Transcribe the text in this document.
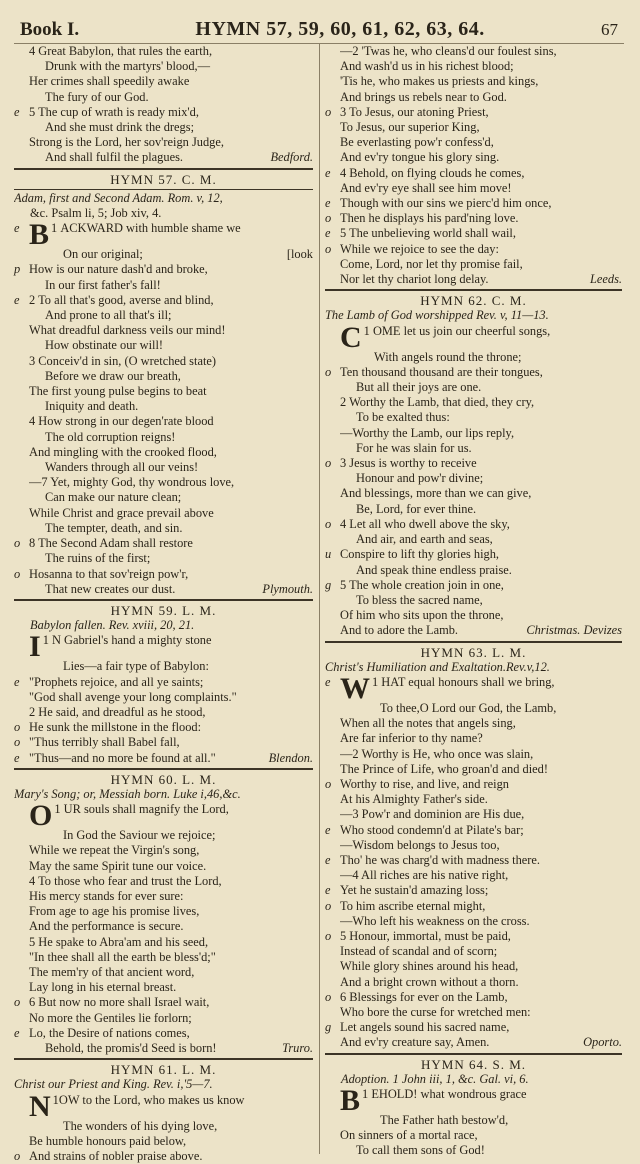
Book I.	HYMN 57, 59, 60, 61, 62, 63, 64.	67
4 Great Babylon, that rules the earth,
Drunk with the martyrs' blood,—
Her crimes shall speedily awake
The fury of our God.
e 5 The cup of wrath is ready mix'd,
And she must drink the dregs;
Strong is the Lord, her sov'reign Judge,
And shall fulfil the plagues.	Bedford.
HYMN 57. C. M.
Adam, first and Second Adam. Rom. v, 12,
&c. Psalm li, 5; Job xiv, 4.
e	1
B ACKWARD with humble shame we
On our original;	[look
p How is our nature dash'd and broke,
In our first father's fall!
e 2 To all that's good, averse and blind,
And prone to all that's ill;
What dreadful darkness veils our mind!
How obstinate our will!
3 Conceiv'd in sin, (O wretched state)
Before we draw our breath,
The first young pulse begins to beat
Iniquity and death.
4 How strong in our degen'rate blood
The old corruption reigns!
And mingling with the crooked flood,
Wanders through all our veins!
—7 Yet, mighty God, thy wondrous love,
Can make our nature clean;
While Christ and grace prevail above
The tempter, death, and sin.
o 8 The Second Adam shall restore
The ruins of the first;
o Hosanna to that sov'reign pow'r,
That new creates our dust.	Plymouth.
HYMN 59. L. M.
Babylon fallen. Rev. xviii, 20, 21.
1
I N Gabriel's hand a mighty stone
Lies—a fair type of Babylon:
e "Prophets rejoice, and all ye saints;
"God shall avenge your long complaints."
2 He said, and dreadful as he stood,
o He sunk the millstone in the flood:
o "Thus terribly shall Babel fall,
e "Thus—and no more be found at all."	Blendon.
HYMN 60. L. M.
Mary's Song; or, Messiah born. Luke i,46,&c.
1
O UR souls shall magnify the Lord,
In God the Saviour we rejoice;
While we repeat the Virgin's song,
May the same Spirit tune our voice.
4 To those who fear and trust the Lord,
His mercy stands for ever sure:
From age to age his promise lives,
And the performance is secure.
5 He spake to Abra'am and his seed,
"In thee shall all the earth be bless'd;"
The mem'ry of that ancient word,
Lay long in his eternal breast.
o 6 But now no more shall Israel wait,
No more the Gentiles lie forlorn;
e Lo, the Desire of nations comes,
Behold, the promis'd Seed is born!	Truro.
HYMN 61. L. M.
Christ our Priest and King. Rev. i,'5—7.
1
N OW to the Lord, who makes us know
The wonders of his dying love,
Be humble honours paid below,
o And strains of nobler praise above.
—2 'Twas he, who cleans'd our foulest sins,
And wash'd us in his richest blood;
'Tis he, who makes us priests and kings,
And brings us rebels near to God.
o 3 To Jesus, our atoning Priest,
To Jesus, our superior King,
Be everlasting pow'r confess'd,
And ev'ry tongue his glory sing.
e 4 Behold, on flying clouds he comes,
And ev'ry eye shall see him move!
e Though with our sins we pierc'd him once,
o Then he displays his pard'ning love.
e 5 The unbelieving world shall wail,
o While we rejoice to see the day:
Come, Lord, nor let thy promise fail,
Nor let thy chariot long delay.	Leeds.
HYMN 62. C. M.
The Lamb of God worshipped Rev. v, 11—13.
1
C OME let us join our cheerful songs,
With angels round the throne;
o Ten thousand thousand are their tongues,
But all their joys are one.
2 Worthy the Lamb, that died, they cry,
To be exalted thus:
—Worthy the Lamb, our lips reply,
For he was slain for us.
o 3 Jesus is worthy to receive
Honour and pow'r divine;
And blessings, more than we can give,
Be, Lord, for ever thine.
o 4 Let all who dwell above the sky,
And air, and earth and seas,
u Conspire to lift thy glories high,
And speak thine endless praise.
g 5 The whole creation join in one,
To bless the sacred name,
Of him who sits upon the throne,
And to adore the Lamb.	Christmas. Devizes
HYMN 63. L. M.
Christ's Humiliation and Exaltation.Rev.v,12.
e	1
W HAT equal honours shall we bring,
To thee,O Lord our God, the Lamb,
When all the notes that angels sing,
Are far inferior to thy name?
—2 Worthy is He, who once was slain,
The Prince of Life, who groan'd and died!
o Worthy to rise, and live, and reign
At his Almighty Father's side.
—3 Pow'r and dominion are His due,
e Who stood condemn'd at Pilate's bar;
—Wisdom belongs to Jesus too,
e Tho' he was charg'd with madness there.
—4 All riches are his native right,
e Yet he sustain'd amazing loss;
o To him ascribe eternal might,
—Who left his weakness on the cross.
o 5 Honour, immortal, must be paid,
Instead of scandal and of scorn;
While glory shines around his head,
And a bright crown without a thorn.
o 6 Blessings for ever on the Lamb,
Who bore the curse for wretched men:
g Let angels sound his sacred name,
And ev'ry creature say, Amen.	Oporto.
HYMN 64. S. M.
Adoption. 1 John iii, 1, &c. Gal. vi, 6.
1
B EHOLD! what wondrous grace
The Father hath bestow'd,
On sinners of a mortal race,
To call them sons of God!
